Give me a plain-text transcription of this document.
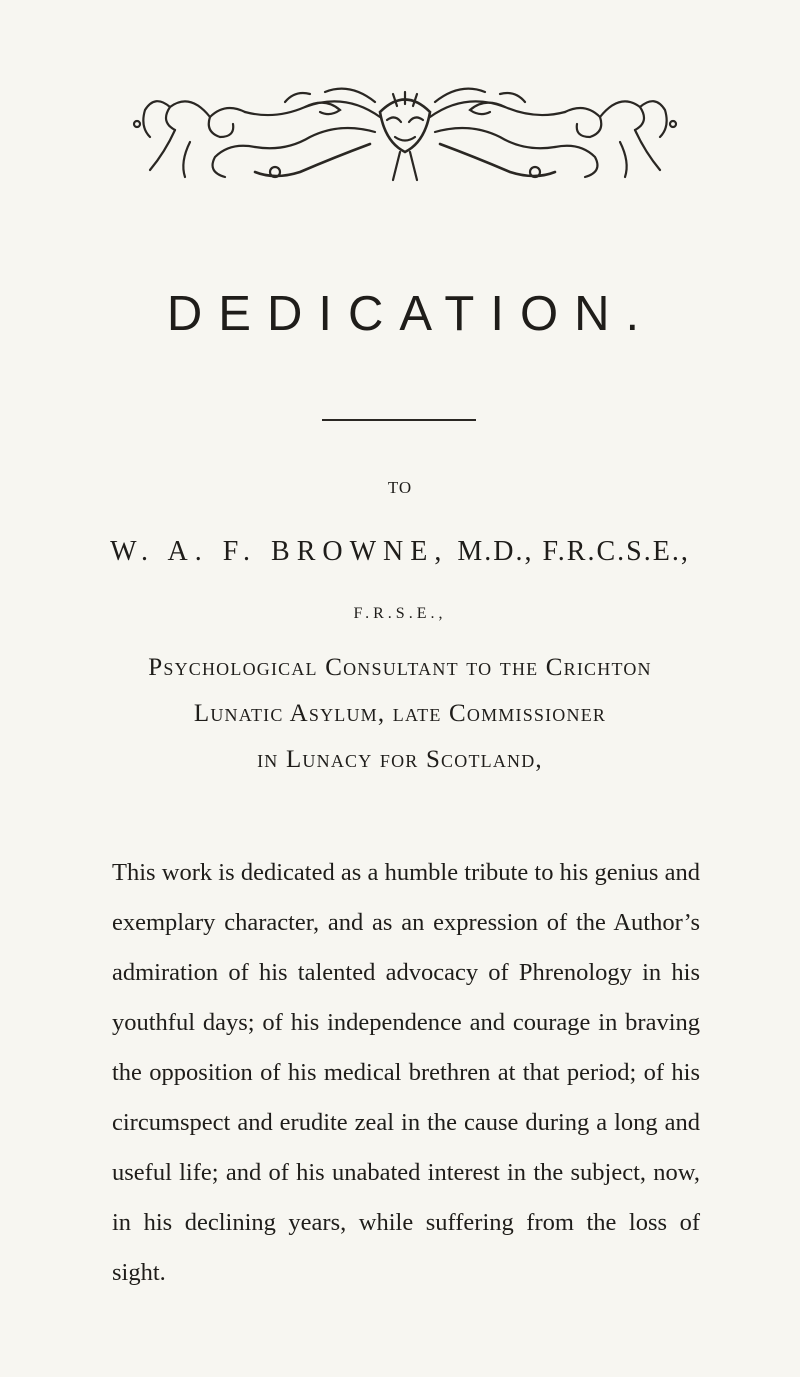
DEDICATION.
TO
W. A. F. BROWNE, M.D., F.R.C.S.E.,
F.R.S.E.,
Psychological Consultant to the Crichton
Lunatic Asylum, late Commissioner
in Lunacy for Scotland,

This work is dedicated as a humble tribute to his genius and exemplary character, and as an expression of the Author’s admiration of his talented advocacy of Phrenology in his youthful days; of his independence and courage in braving the opposition of his medical brethren at that period; of his circumspect and erudite zeal in the cause during a long and useful life; and of his unabated interest in the subject, now, in his declining years, while suffering from the loss of sight.
